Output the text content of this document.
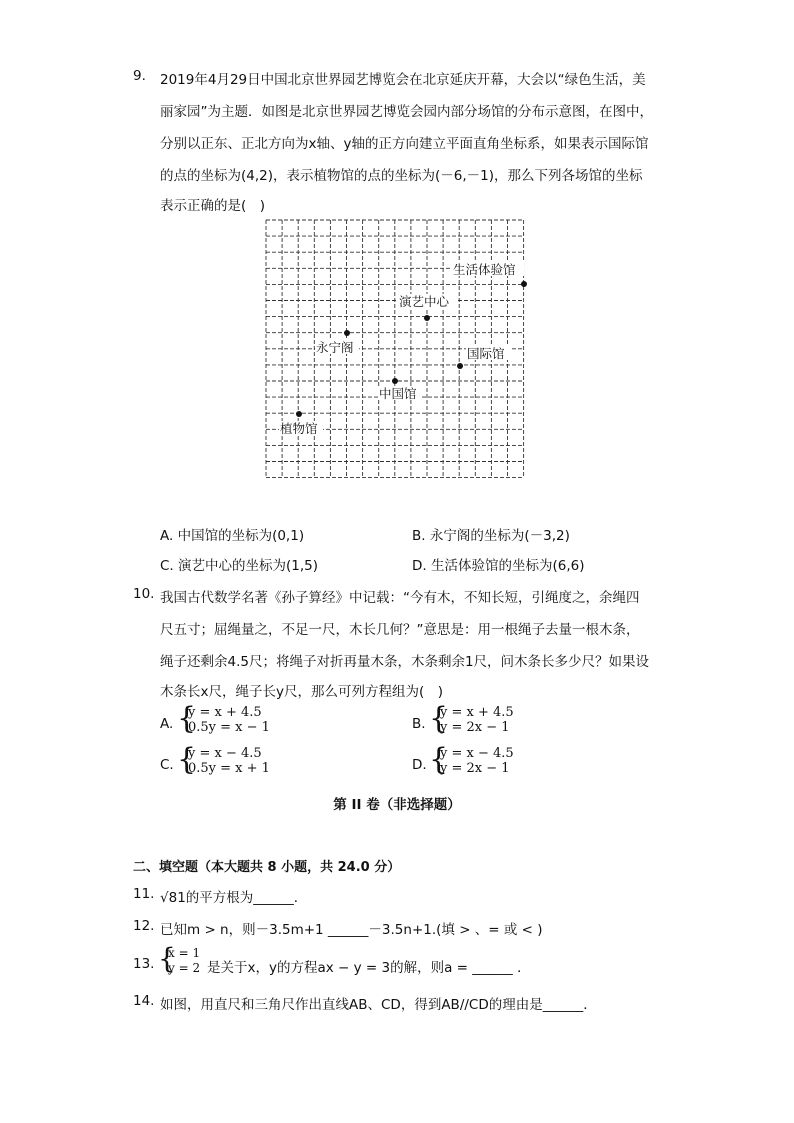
9. 2019年4月29日中国北京世界园艺博览会在北京延庆开幕，大会以“绿色生活，美
丽家园”为主题．如图是北京世界园艺博览会园内部分场馆的分布示意图，在图中，
分别以正东、正北方向为x轴、y轴的正方向建立平面直角坐标系，如果表示国际馆
的点的坐标为(4,2)，表示植物馆的点的坐标为(－6,－1)，那么下列各场馆的坐标
表示正确的是(　)
生活体验馆
演艺中心
永宁阁	国际馆
中国馆
植物馆
A. 中国馆的坐标为(0,1)	B. 永宁阁的坐标为(－3,2)
C. 演艺中心的坐标为(1,5)	D. 生活体验馆的坐标为(6,6)
10. 我国古代数学名著《孙子算经》中记载：“今有木，不知长短，引绳度之，余绳四
尺五寸；屈绳量之，不足一尺，木长几何？”意思是：用一根绳子去量一根木条，
绳子还剩余4.5尺；将绳子对折再量木条，木条剩余1尺，问木条长多少尺？如果设
木条长x尺，绳子长y尺，那么可列方程组为(　)
A. {
y = x + 4.5
0.5y = x − 1	B. {
y = x + 4.5
y = 2x − 1
C. {
y = x − 4.5
0.5y = x + 1	D. {
y = x − 4.5
y = 2x − 1
第 II 卷（非选择题）
二、填空题（本大题共 8 小题，共 24.0 分）
11. √81的平方根为______．
12. 已知m > n，则－3.5m+1 ______－3.5n+1.(填 > 、= 或 < )
13. {
x = 1
y = 2 是关于x，y的方程ax − y = 3的解，则a = ______ ．
14. 如图，用直尺和三角尺作出直线AB、CD，得到AB//CD的理由是______．
